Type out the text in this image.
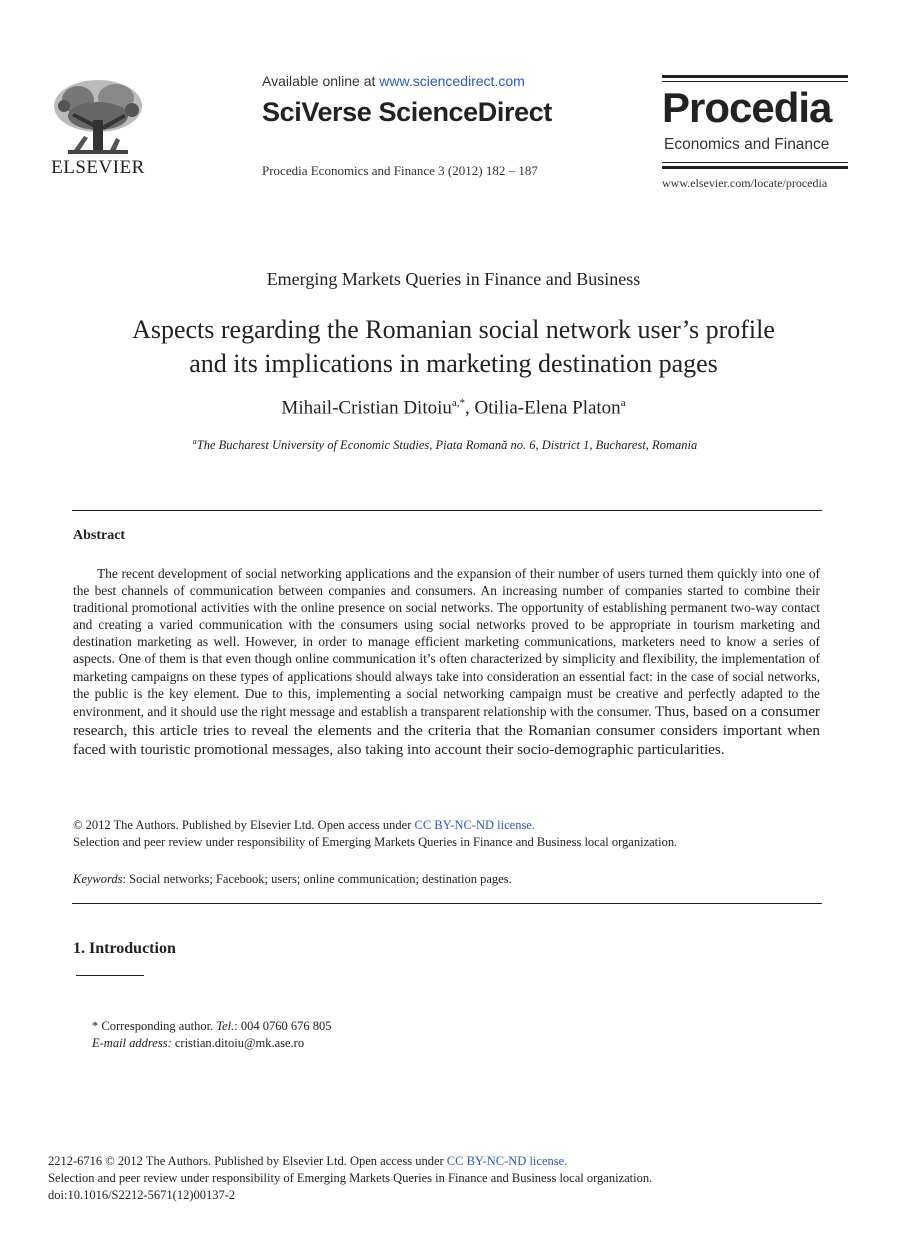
ELSEVIER
Available online at www.sciencedirect.com
SciVerse ScienceDirect
Procedia Economics and Finance 3 (2012) 182 – 187
Procedia
Economics and Finance
www.elsevier.com/locate/procedia
Emerging Markets Queries in Finance and Business
Aspects regarding the Romanian social network user’s profile
and its implications in marketing destination pages
Mihail-Cristian Ditoiu$^{a,*}$, Otilia-Elena Platon$^a$
$^a$The Bucharest University of Economic Studies, Piata Romană no. 6, District 1, Bucharest, Romania
Abstract
The recent development of social networking applications and the expansion of their number of users turned them quickly into one of the best channels of communication between companies and consumers. An increasing number of companies started to combine their traditional promotional activities with the online presence on social networks. The opportunity of establishing permanent two-way contact and creating a varied communication with the consumers using social networks proved to be appropriate in tourism marketing and destination marketing as well. However, in order to manage efficient marketing communications, marketers need to know a series of aspects. One of them is that even though online communication it’s often characterized by simplicity and flexibility, the implementation of marketing campaigns on these types of applications should always take into consideration an essential fact: in the case of social networks, the public is the key element. Due to this, implementing a social networking campaign must be creative and perfectly adapted to the environment, and it should use the right message and establish a transparent relationship with the consumer. Thus, based on a consumer research, this article tries to reveal the elements and the criteria that the Romanian consumer considers important when faced with touristic promotional messages, also taking into account their socio-demographic particularities.
© 2012 The Authors. Published by Elsevier Ltd. Open access under CC BY-NC-ND license.
Selection and peer review under responsibility of Emerging Markets Queries in Finance and Business local organization.
Keywords: Social networks; Facebook; users; online communication; destination pages.
1. Introduction
* Corresponding author. Tel.: 004 0760 676 805
E-mail address: cristian.ditoiu@mk.ase.ro
2212-6716 © 2012 The Authors. Published by Elsevier Ltd. Open access under CC BY-NC-ND license.
Selection and peer review under responsibility of Emerging Markets Queries in Finance and Business local organization.
doi:10.1016/S2212-5671(12)00137-2
